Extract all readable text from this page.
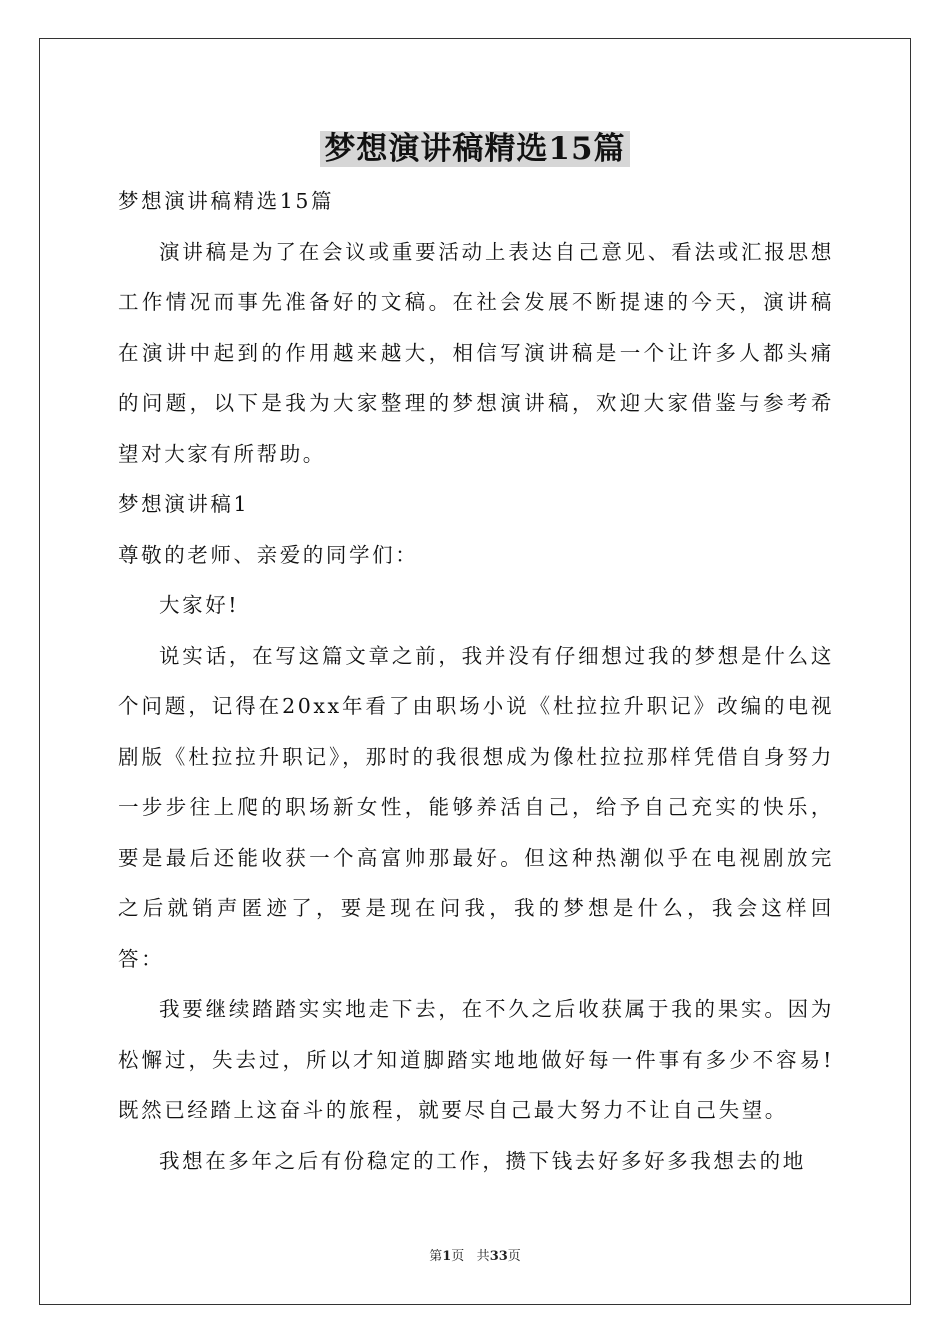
梦想演讲稿精选15篇

梦想演讲稿精选15篇

演讲稿是为了在会议或重要活动上表达自己意见、看法或汇报思想工作情况而事先准备好的文稿。在社会发展不断提速的今天，演讲稿在演讲中起到的作用越来越大，相信写演讲稿是一个让许多人都头痛的问题，以下是我为大家整理的梦想演讲稿，欢迎大家借鉴与参考希望对大家有所帮助。

梦想演讲稿1

尊敬的老师、亲爱的同学们：

大家好!

说实话，在写这篇文章之前，我并没有仔细想过我的梦想是什么这个问题，记得在20xx年看了由职场小说《杜拉拉升职记》改编的电视剧版《杜拉拉升职记》，那时的我很想成为像杜拉拉那样凭借自身努力一步步往上爬的职场新女性，能够养活自己，给予自己充实的快乐，要是最后还能收获一个高富帅那最好。但这种热潮似乎在电视剧放完之后就销声匿迹了，要是现在问我，我的梦想是什么，我会这样回答：

我要继续踏踏实实地走下去，在不久之后收获属于我的果实。因为松懈过，失去过，所以才知道脚踏实地地做好每一件事有多少不容易!既然已经踏上这奋斗的旅程，就要尽自己最大努力不让自己失望。

我想在多年之后有份稳定的工作，攒下钱去好多好多我想去的地

第1页 共33页
